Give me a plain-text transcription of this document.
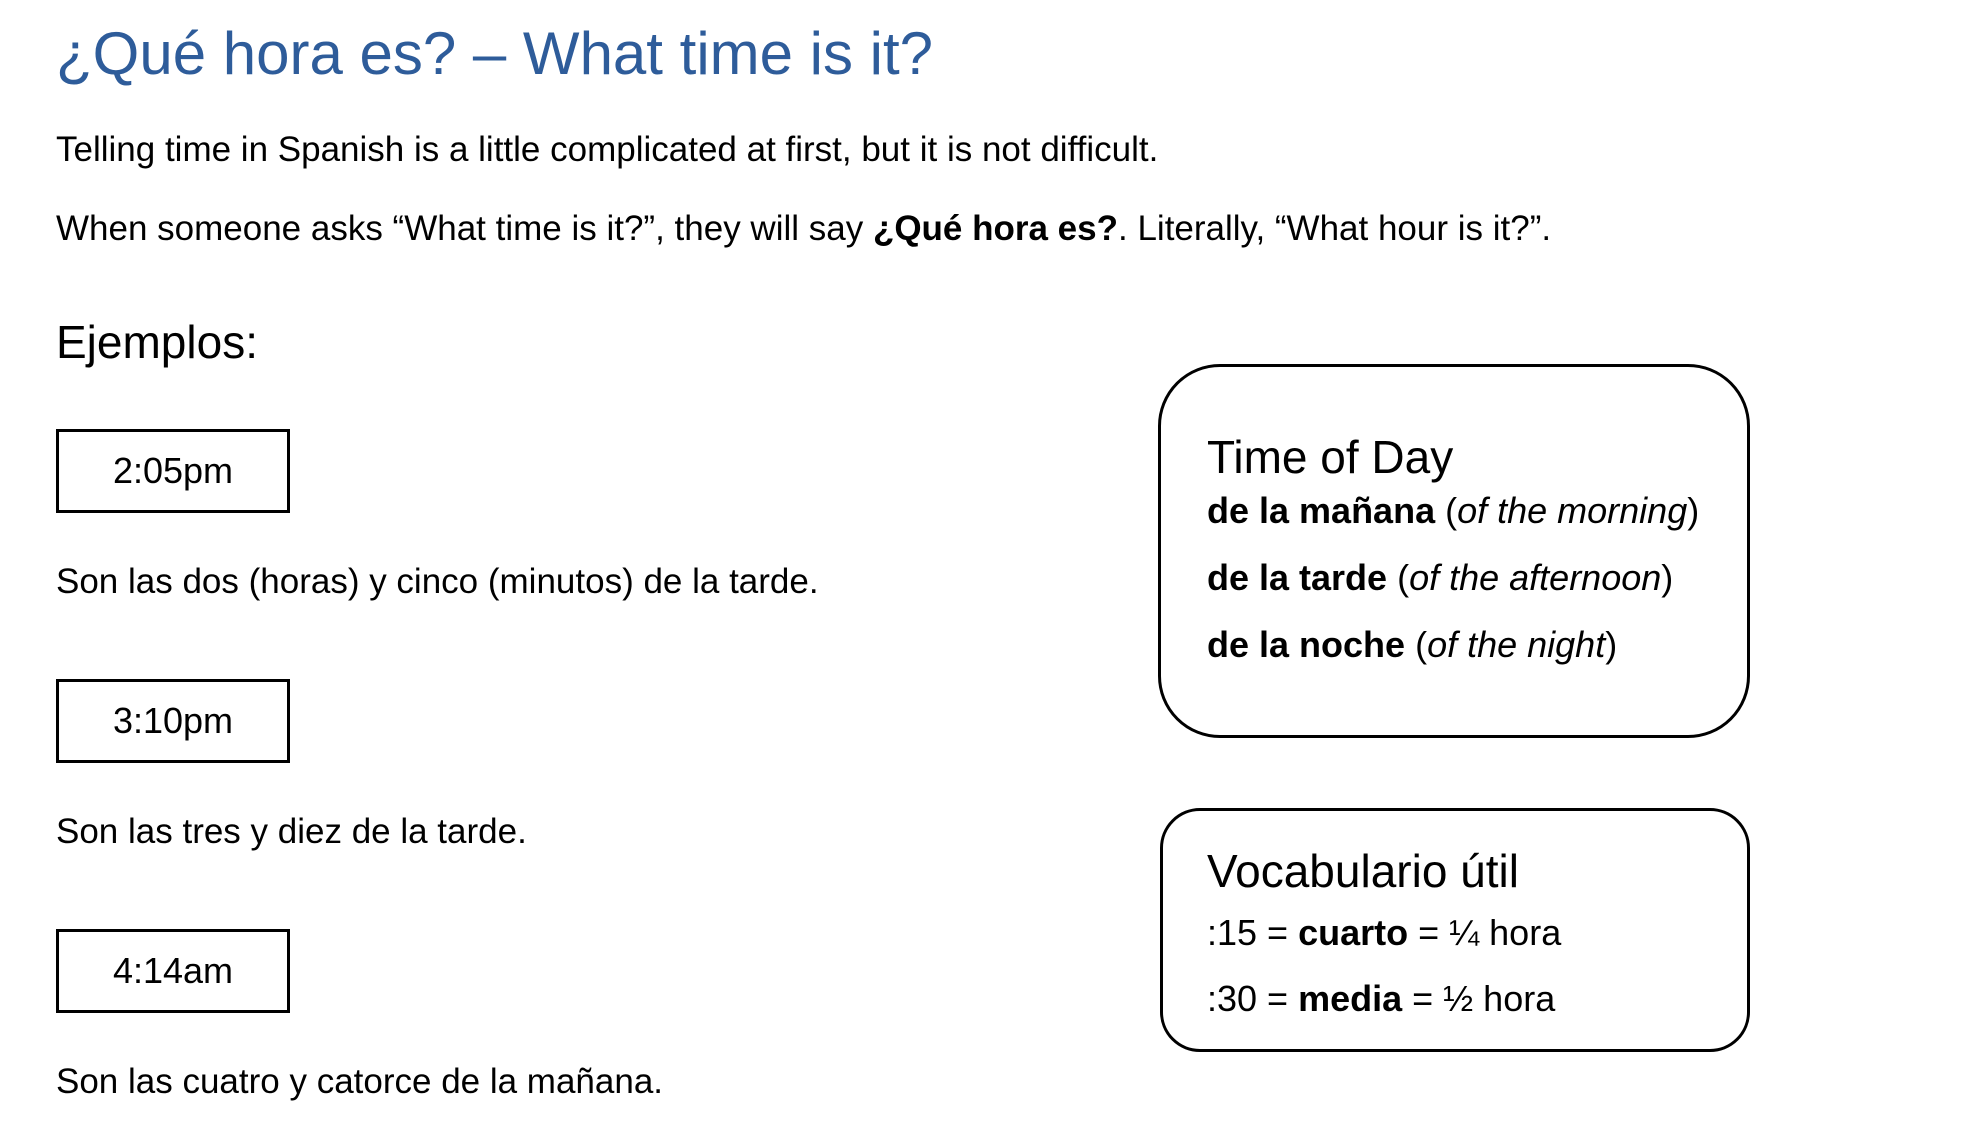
¿Qué hora es? – What time is it?

Telling time in Spanish is a little complicated at first, but it is not difficult.

When someone asks “What time is it?”, they will say ¿Qué hora es?. Literally, “What hour is it?”.

Ejemplos:
2:05pm

Son las dos (horas) y cinco (minutos) de la tarde.

3:10pm

Son las tres y diez de la tarde.

4:14am

Son las cuatro y catorce de la mañana.

Time of Day

de la mañana (of the morning)

de la tarde (of the afternoon)

de la noche (of the night)

Vocabulario útil

:15 = cuarto = ¼ hora

:30 = media = ½ hora
